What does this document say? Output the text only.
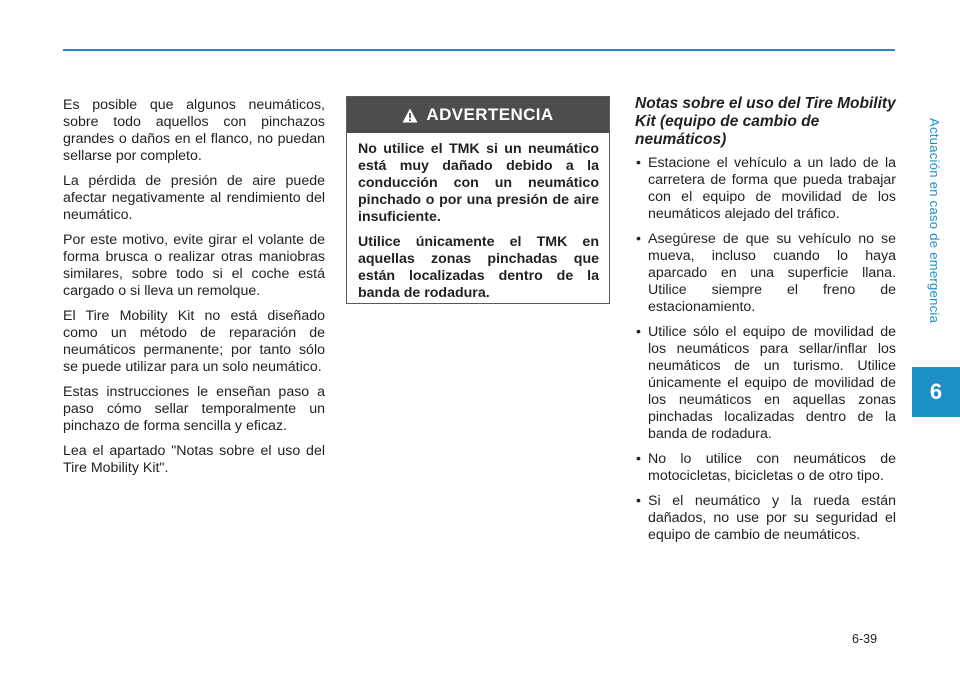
Actuación en caso de emergencia
6

Es posible que algunos neumáticos, sobre todo aquellos con pinchazos grandes o daños en el flanco, no puedan sellarse por completo.

La pérdida de presión de aire puede afectar negativamente al rendimiento del neumático.

Por este motivo, evite girar el volante de forma brusca o realizar otras maniobras similares, sobre todo si el coche está cargado o si lleva un remolque.

El Tire Mobility Kit no está diseñado como un método de reparación de neumáticos permanente; por tanto sólo se puede utilizar para un solo neumático.

Estas instrucciones le enseñan paso a paso cómo sellar temporalmente un pinchazo de forma sencilla y eficaz.

Lea el apartado "Notas sobre el uso del Tire Mobility Kit".

ADVERTENCIA

No utilice el TMK si un neumático está muy dañado debido a la conducción con un neumático pinchado o por una presión de aire insuficiente.

Utilice únicamente el TMK en aquellas zonas pinchadas que están localizadas dentro de la banda de rodadura.

Notas sobre el uso del Tire Mobility Kit (equipo de cambio de neumáticos)
• Estacione el vehículo a un lado de la carretera de forma que pueda trabajar con el equipo de movilidad de los neumáticos alejado del tráfico.
• Asegúrese de que su vehículo no se mueva, incluso cuando lo haya aparcado en una superficie llana. Utilice siempre el freno de estacionamiento.
• Utilice sólo el equipo de movilidad de los neumáticos para sellar/inflar los neumáticos de un turismo. Utilice únicamente el equipo de movilidad de los neumáticos en aquellas zonas pinchadas localizadas dentro de la banda de rodadura.
• No lo utilice con neumáticos de motocicletas, bicicletas o de otro tipo.
• Si el neumático y la rueda están dañados, no use por su seguridad el equipo de cambio de neumáticos.
6-39
